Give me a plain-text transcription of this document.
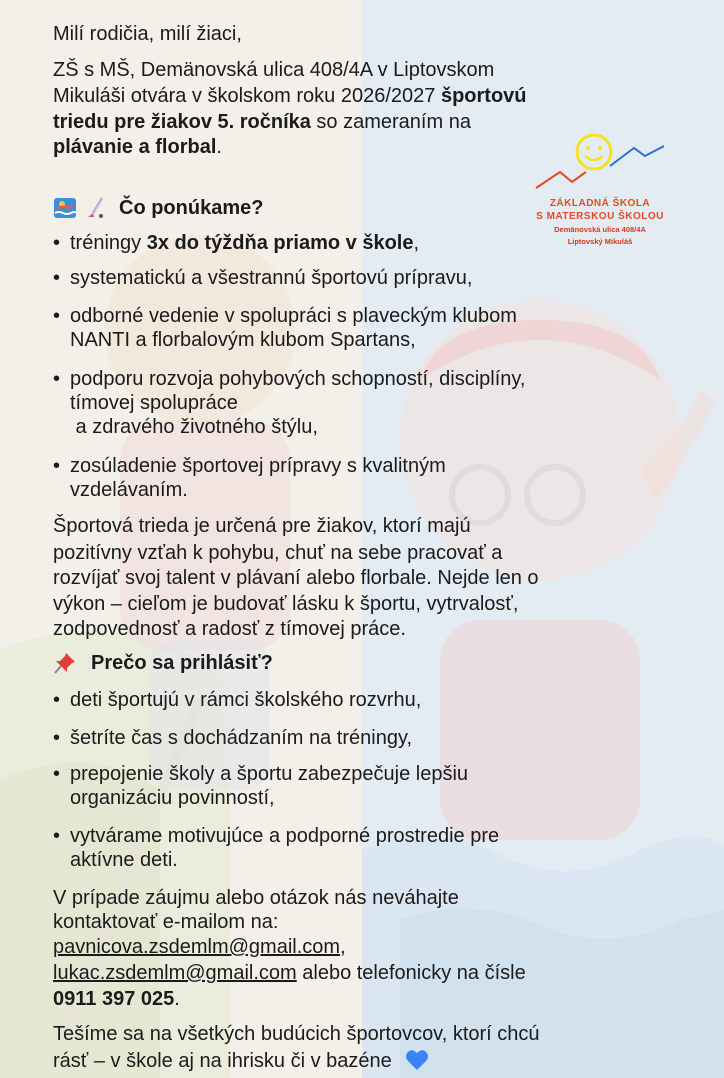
Milí rodičia, milí žiaci,

ZŠ s MŠ, Demänovská ulica 408/4A v Liptovskom

Mikuláši otvára v školskom roku 2026/2027 športovú

triedu pre žiakov 5. ročníka so zameraním na

plávanie a florbal.

ZÁKLADNÁ ŠKOLA
S MATERSKOU ŠKOLOU
Demänovská ulica 408/4A
Liptovský Mikuláš
Čo ponúkame?
• tréningy 3x do týždňa priamo v škole,
• systematickú a všestrannú športovú prípravu,
• odborné vedenie v spolupráci s plaveckým klubom
NANTI a florbalovým klubom Spartans,
• podporu rozvoja pohybových schopností, disciplíny,
tímovej spolupráce
a zdravého životného štýlu,
• zosúladenie športovej prípravy s kvalitným
vzdelávaním.

Športová trieda je určená pre žiakov, ktorí majú

pozitívny vzťah k pohybu, chuť na sebe pracovať a

rozvíjať svoj talent v plávaní alebo florbale. Nejde len o

výkon – cieľom je budovať lásku k športu, vytrvalosť,

zodpovednosť a radosť z tímovej práce.

Prečo sa prihlásiť?
• deti športujú v rámci školského rozvrhu,
• šetríte čas s dochádzaním na tréningy,
• prepojenie školy a športu zabezpečuje lepšiu
organizáciu povinností,
• vytvárame motivujúce a podporné prostredie pre
aktívne deti.

V prípade záujmu alebo otázok nás neváhajte

kontaktovať e-mailom na:

pavnicova.zsdemlm@gmail.com,

lukac.zsdemlm@gmail.com alebo telefonicky na čísle

0911 397 025.

Tešíme sa na všetkých budúcich športovcov, ktorí chcú

rásť – v škole aj na ihrisku či v bazéne
